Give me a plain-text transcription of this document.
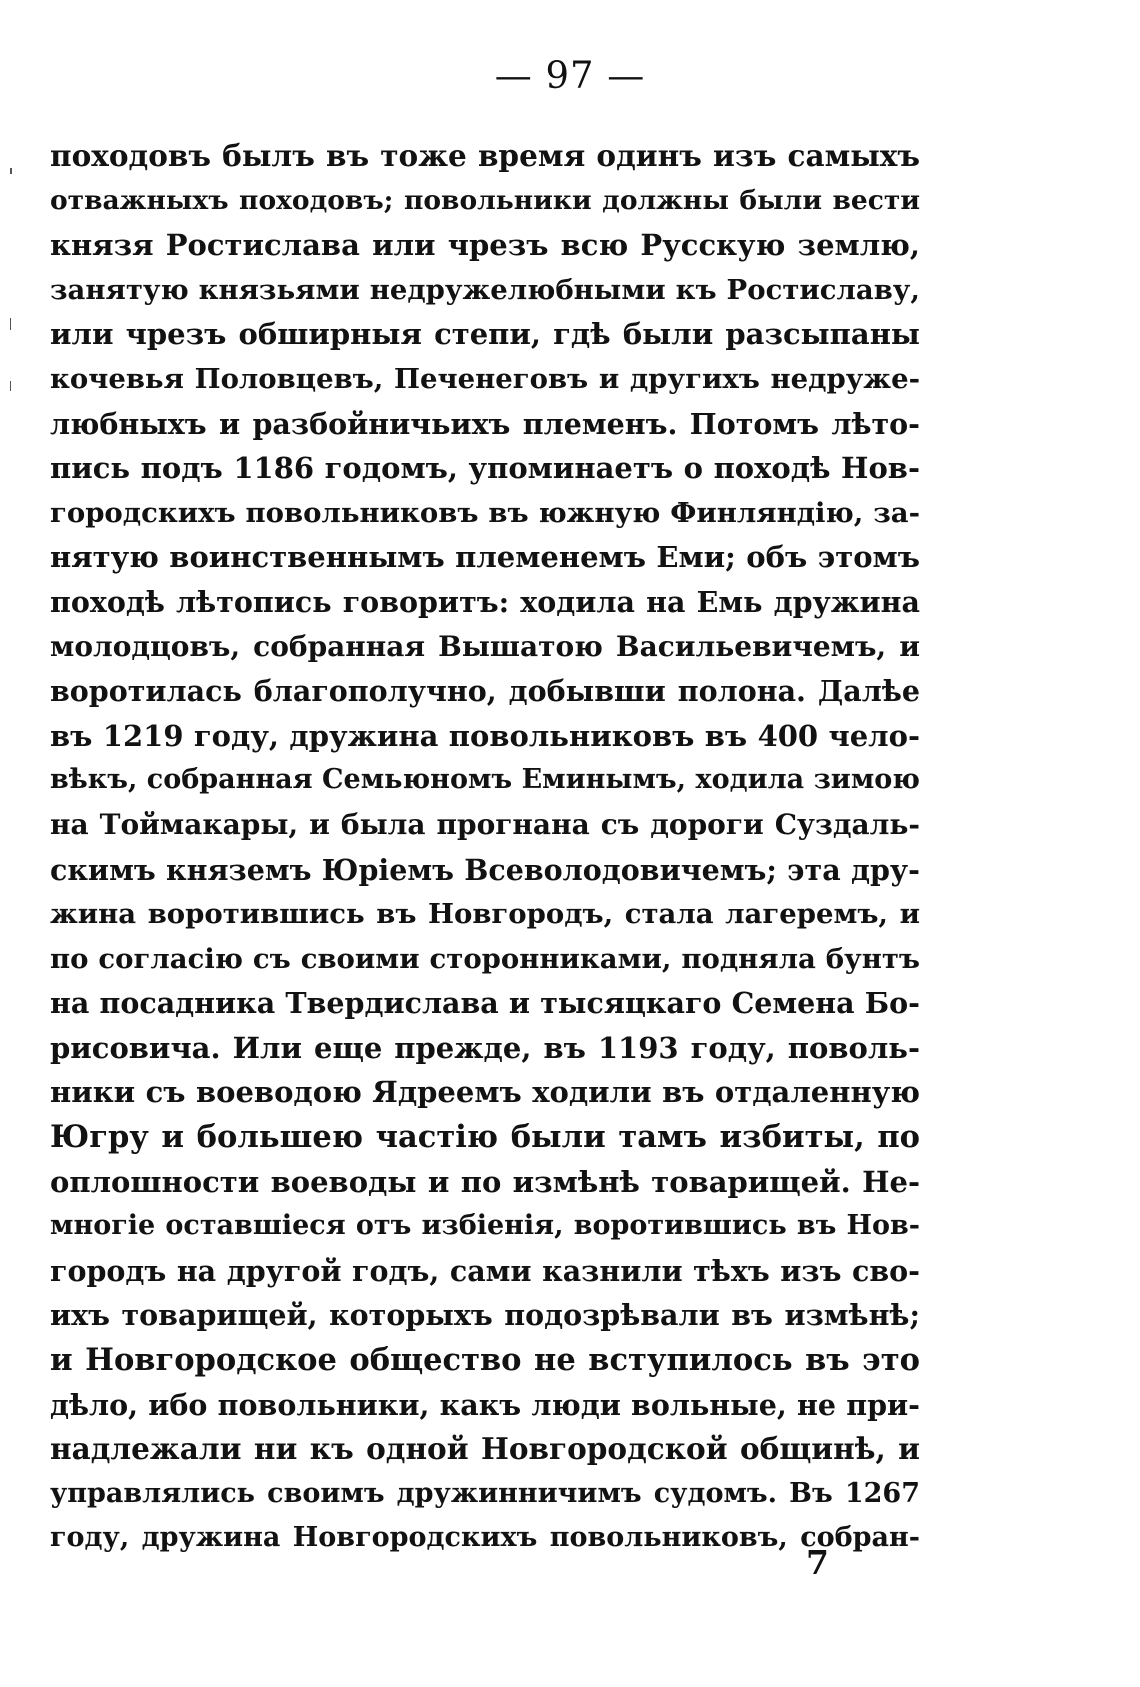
— 97 —
походовъ былъ въ тоже время одинъ изъ самыхъ
отважныхъ походовъ; повольники должны были вести
князя Ростислава или чрезъ всю Русскую землю,
занятую князьями недружелюбными къ Ростиславу,
или чрезъ обширныя степи, гдѣ были разсыпаны
кочевья Половцевъ, Печенеговъ и другихъ недруже-
любныхъ и разбойничьихъ племенъ. Потомъ лѣто-
пись подъ 1186 годомъ, упоминаетъ о походѣ Нов-
городскихъ повольниковъ въ южную Финляндію, за-
нятую воинственнымъ племенемъ Еми; объ этомъ
походѣ лѣтопись говоритъ: ходила на Емь дружина
молодцовъ, собранная Вышатою Васильевичемъ, и
воротилась благополучно, добывши полона. Далѣе
въ 1219 году, дружина повольниковъ въ 400 чело-
вѣкъ, собранная Семьюномъ Еминымъ, ходила зимою
на Тоймакары, и была прогнана съ дороги Суздаль-
скимъ княземъ Юріемъ Всеволодовичемъ; эта дру-
жина воротившись въ Новгородъ, стала лагеремъ, и
по согласію съ своими сторонниками, подняла бунтъ
на посадника Твердислава и тысяцкаго Семена Бо-
рисовича. Или еще прежде, въ 1193 году, поволь-
ники съ воеводою Ядреемъ ходили въ отдаленную
Югру и большею частію были тамъ избиты, по
оплошности воеводы и по измѣнѣ товарищей. Не-
многіе оставшіеся отъ избіенія, воротившись въ Нов-
городъ на другой годъ, сами казнили тѣхъ изъ сво-
ихъ товарищей, которыхъ подозрѣвали въ измѣнѣ;
и Новгородское общество не вступилось въ это
дѣло, ибо повольники, какъ люди вольные, не при-
надлежали ни къ одной Новгородской общинѣ, и
управлялись своимъ дружинничимъ судомъ. Въ 1267
году, дружина Новгородскихъ повольниковъ, собран-
7
